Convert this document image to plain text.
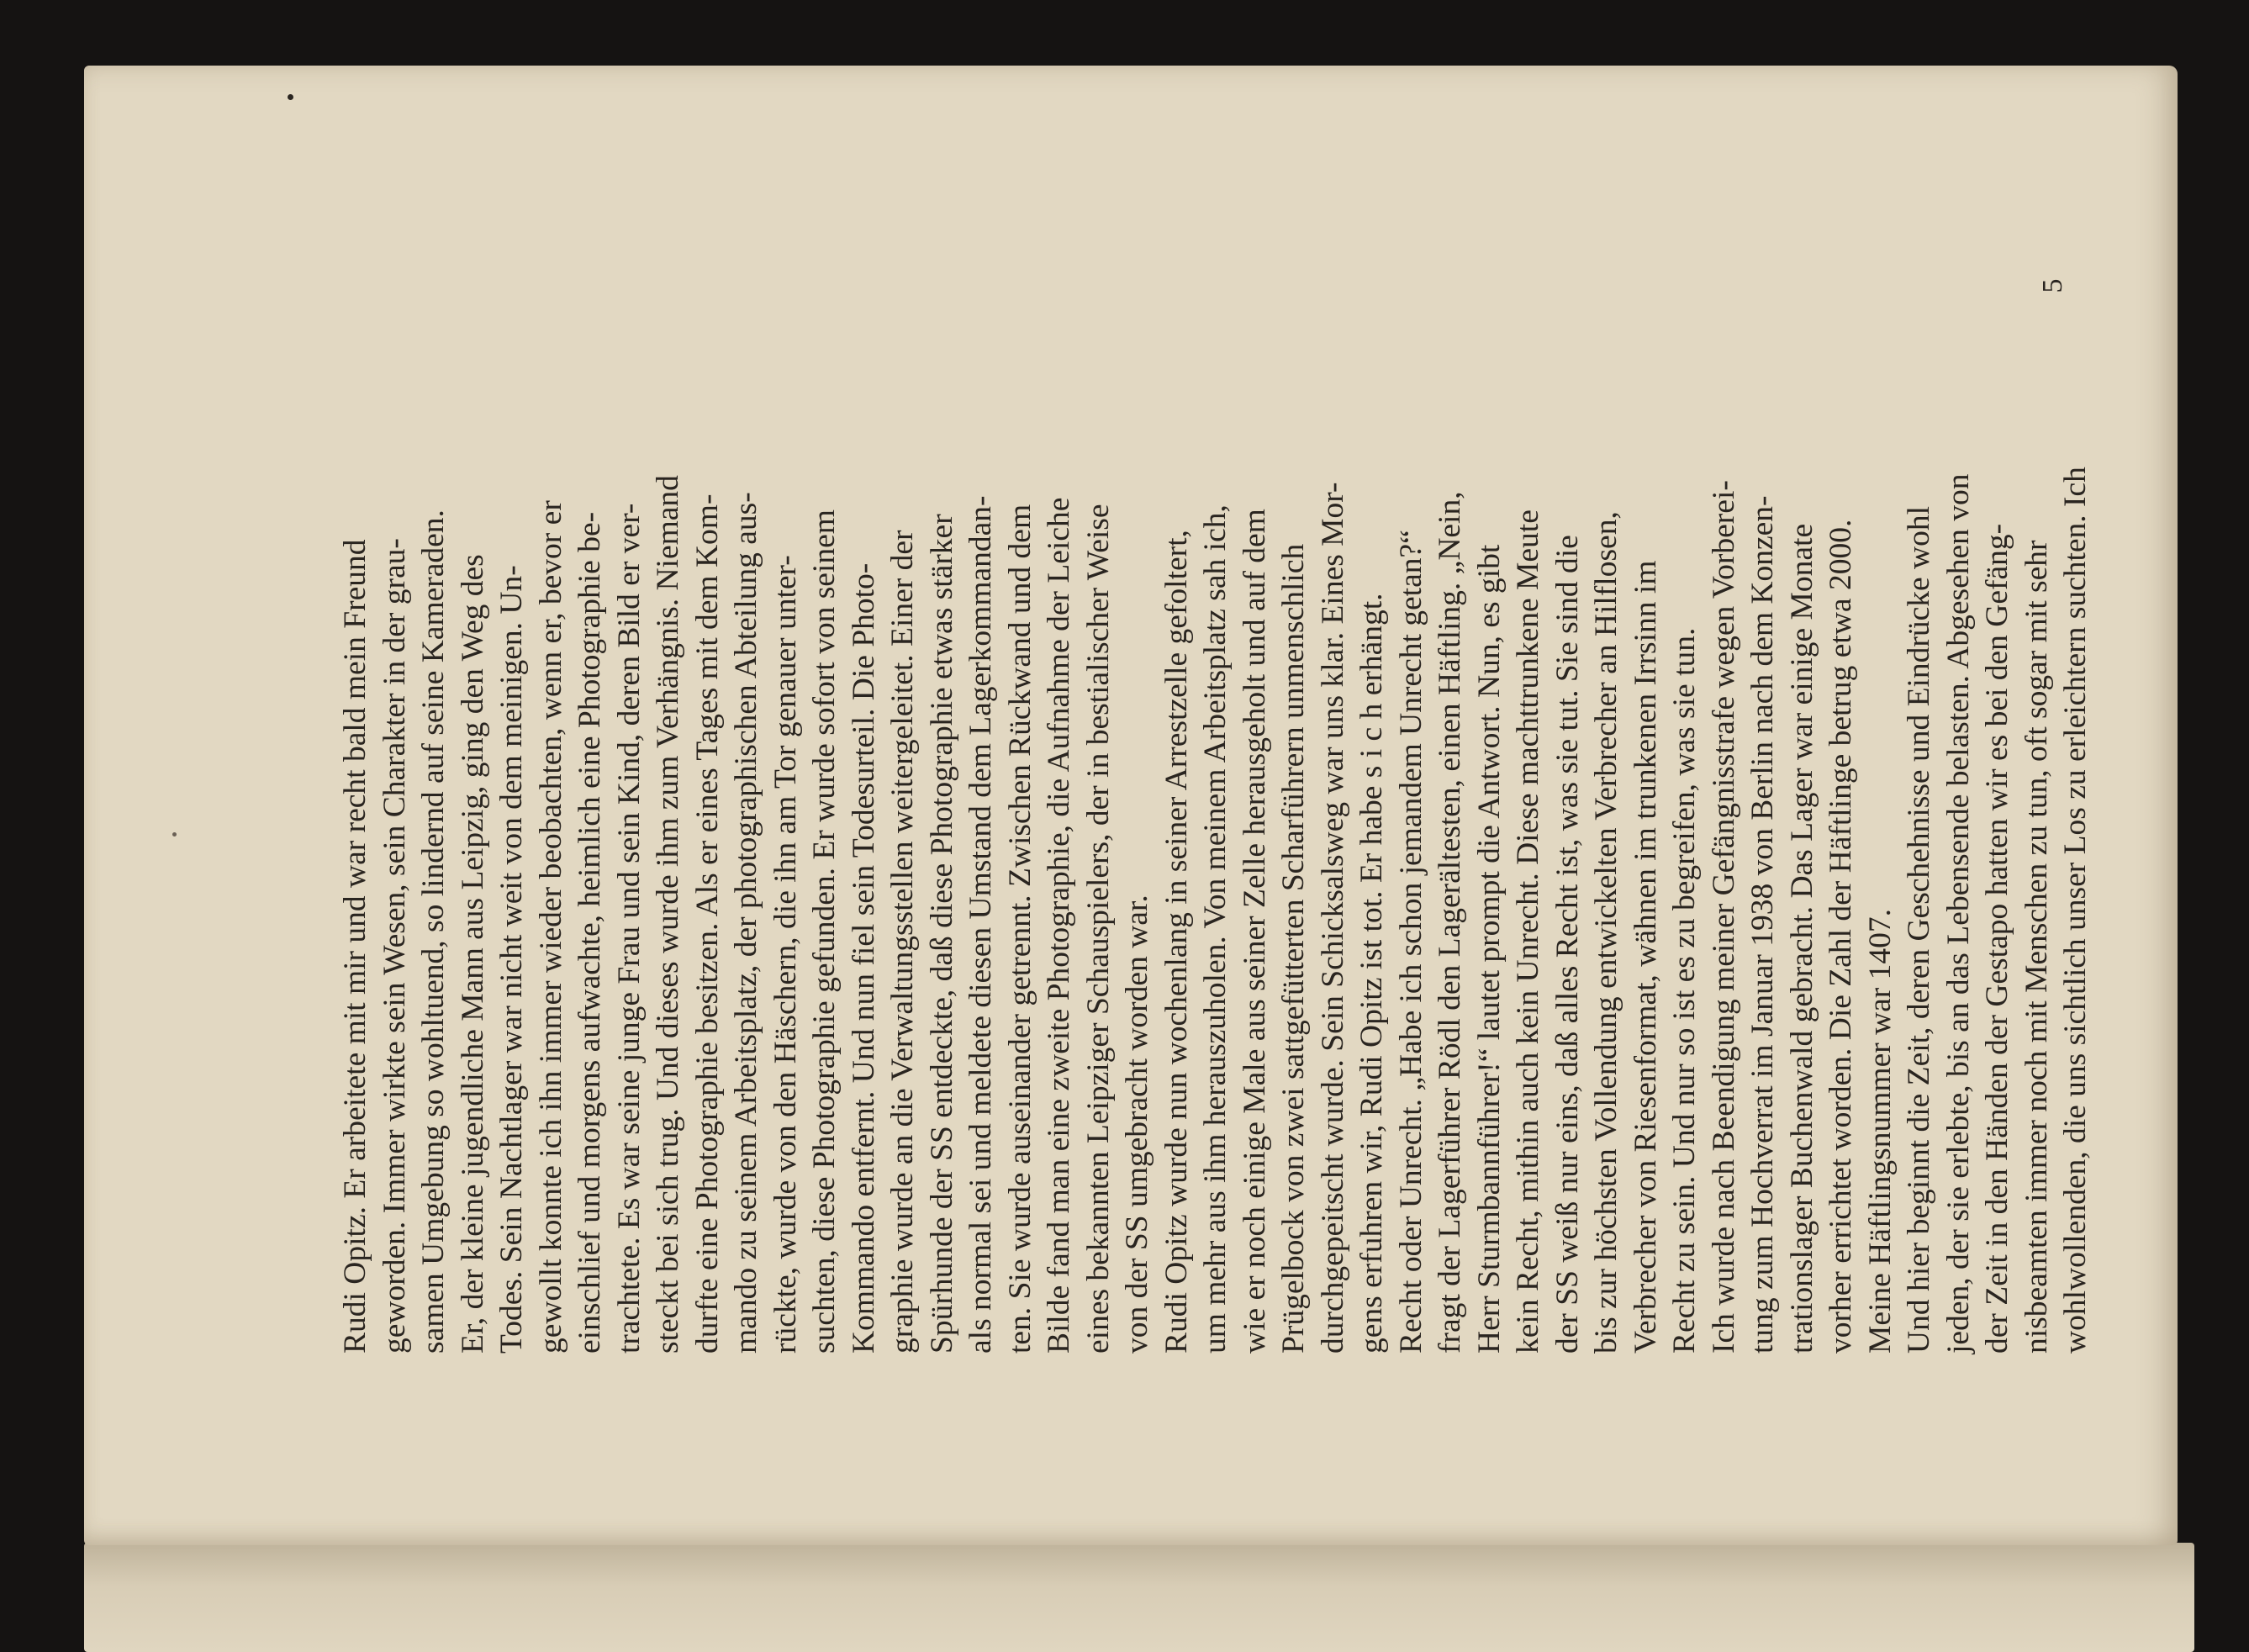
Rudi Opitz. Er arbeitete mit mir und war recht bald mein Freund geworden. Immer wirkte sein Wesen, sein Charakter in der grau- samen Umgebung so wohltuend, so lindernd auf seine Kameraden. Er, der kleine jugendliche Mann aus Leipzig, ging den Weg des Todes. Sein Nachtlager war nicht weit von dem meinigen. Un- gewollt konnte ich ihn immer wieder beobachten, wenn er, bevor er einschlief und morgens aufwachte, heimlich eine Photographie be- trachtete. Es war seine junge Frau und sein Kind, deren Bild er ver- steckt bei sich trug. Und dieses wurde ihm zum Verhängnis. Niemand durfte eine Photographie besitzen. Als er eines Tages mit dem Kom- mando zu seinem Arbeitsplatz, der photographischen Abteilung aus- rückte, wurde von den Häschern, die ihn am Tor genauer unter- suchten, diese Photographie gefunden. Er wurde sofort von seinem Kommando entfernt. Und nun fiel sein Todesurteil. Die Photo- graphie wurde an die Verwaltungsstellen weitergeleitet. Einer der Spürhunde der SS entdeckte, daß diese Photographie etwas stärker als normal sei und meldete diesen Umstand dem Lagerkommandan- ten. Sie wurde auseinander getrennt. Zwischen Rückwand und dem Bilde fand man eine zweite Photographie, die Aufnahme der Leiche eines bekannten Leipziger Schauspielers, der in bestialischer Weise von der SS umgebracht worden war. Rudi Opitz wurde nun wochenlang in seiner Arrestzelle gefoltert, um mehr aus ihm herauszuholen. Von meinem Arbeitsplatz sah ich, wie er noch einige Male aus seiner Zelle herausgeholt und auf dem Prügelbock von zwei sattgefütterten Scharführern unmenschlich durchgepeitscht wurde. Sein Schicksalsweg war uns klar. Eines Mor- gens erfuhren wir, Rudi Opitz ist tot. Er habe s i c h erhängt. Recht oder Unrecht. „Habe ich schon jemandem Unrecht getan?“ fragt der Lagerführer Rödl den Lagerältesten, einen Häftling. „Nein, Herr Sturmbannführer!“ lautet prompt die Antwort. Nun, es gibt kein Recht, mithin auch kein Unrecht. Diese machttrunkene Meute der SS weiß nur eins, daß alles Recht ist, was sie tut. Sie sind die bis zur höchsten Vollendung entwickelten Verbrecher an Hilflosen, Verbrecher von Riesenformat, wähnen im trunkenen Irrsinn im Recht zu sein. Und nur so ist es zu begreifen, was sie tun. Ich wurde nach Beendigung meiner Gefängnisstrafe wegen Vorberei- tung zum Hochverrat im Januar 1938 von Berlin nach dem Konzen- trationslager Buchenwald gebracht. Das Lager war einige Monate vorher errichtet worden. Die Zahl der Häftlinge betrug etwa 2000. Meine Häftlingsnummer war 1407. Und hier beginnt die Zeit, deren Geschehnisse und Eindrücke wohl jeden, der sie erlebte, bis an das Lebensende belasten. Abgesehen von der Zeit in den Händen der Gestapo hatten wir es bei den Gefäng- nisbeamten immer noch mit Menschen zu tun, oft sogar mit sehr wohlwollenden, die uns sichtlich unser Los zu erleichtern suchten. Ich
5
